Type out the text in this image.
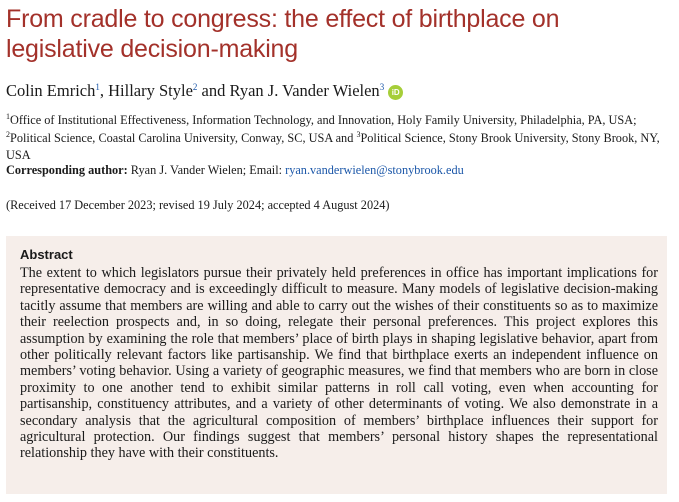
From cradle to congress: the effect of birthplace on legislative decision-making
Colin Emrich$^1$, Hillary Style$^2$ and Ryan J. Vander Wielen$^3$iD
$^1$Office of Institutional Effectiveness, Information Technology, and Innovation, Holy Family University, Philadelphia, PA, USA; $^2$Political Science, Coastal Carolina University, Conway, SC, USA and $^3$Political Science, Stony Brook University, Stony Brook, NY, USA
Corresponding author: Ryan J. Vander Wielen; Email: ryan.vanderwielen@stonybrook.edu
(Received 17 December 2023; revised 19 July 2024; accepted 4 August 2024)
Abstract

The extent to which legislators pursue their privately held preferences in office has important implications for representative democracy and is exceedingly difficult to measure. Many models of legislative decision-making tacitly assume that members are willing and able to carry out the wishes of their constituents so as to maximize their reelection prospects and, in so doing, relegate their personal preferences. This project explores this assumption by examining the role that members’ place of birth plays in shaping legislative behavior, apart from other politically relevant factors like partisanship. We find that birthplace exerts an independent influence on members’ voting behavior. Using a variety of geographic measures, we find that members who are born in close proximity to one another tend to exhibit similar patterns in roll call voting, even when accounting for partisanship, constituency attributes, and a variety of other determinants of voting. We also demonstrate in a secondary analysis that the agricultural composition of members’ birthplace influences their support for agricultural protection. Our findings suggest that members’ personal history shapes the representational relationship they have with their constituents.
